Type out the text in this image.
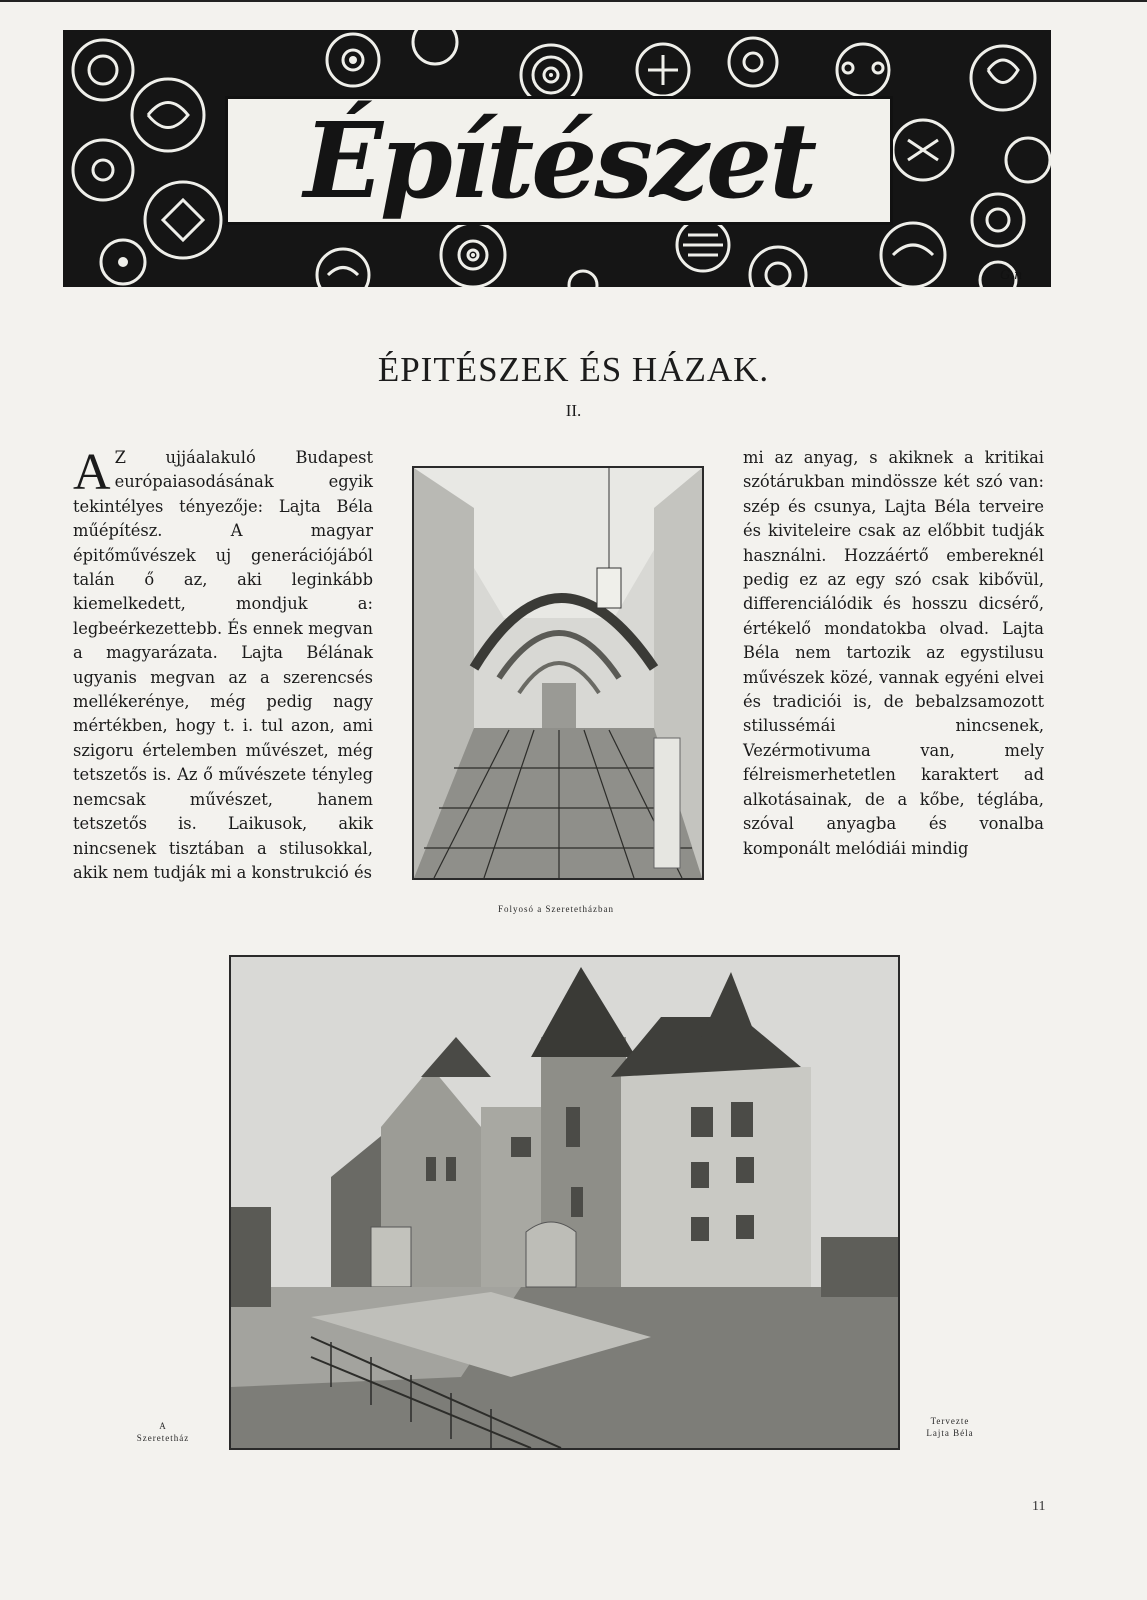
Építészet
G.n
ÉPITÉSZEK ÉS HÁZAK.
II.

A Z ujjáalakuló Budapest európaiasodásának egyik tekintélyes tényezője: Lajta Béla műépítész. A magyar épitőművészek uj generációjából talán ő az, aki leginkább kiemelkedett, mondjuk a: legbeérkezettebb. És ennek megvan a magyarázata. Lajta Bélának ugyanis megvan az a szerencsés mellékerénye, még pedig nagy mértékben, hogy t. i. tul azon, ami szigoru értelemben művészet, még tetszetős is. Az ő művészete tényleg nemcsak művészet, hanem tetszetős is. Laikusok, akik nincsenek tisztában a stilusokkal, akik nem tudják mi a konstrukció és

mi az anyag, s akiknek a kritikai szótárukban mindössze két szó van: szép és csunya, Lajta Béla terveire és kiviteleire csak az előbbit tudják használni. Hozzáértő embereknél pedig ez az egy szó csak kibővül, differenciálódik és hosszu dicsérő, értékelő mondatokba olvad. Lajta Béla nem tartozik az egystilusu művészek közé, vannak egyéni elvei és tradiciói is, de bebalzsamozott stilussémái nincsenek, Vezérmotivuma van, mely félreismerhetetlen karaktert ad alkotásainak, de a kőbe, téglába, szóval anyagba és vonalba komponált melódiái mindig

Folyosó a Szeretetházban
A
Szeretetház
Tervezte
Lajta Béla
11
